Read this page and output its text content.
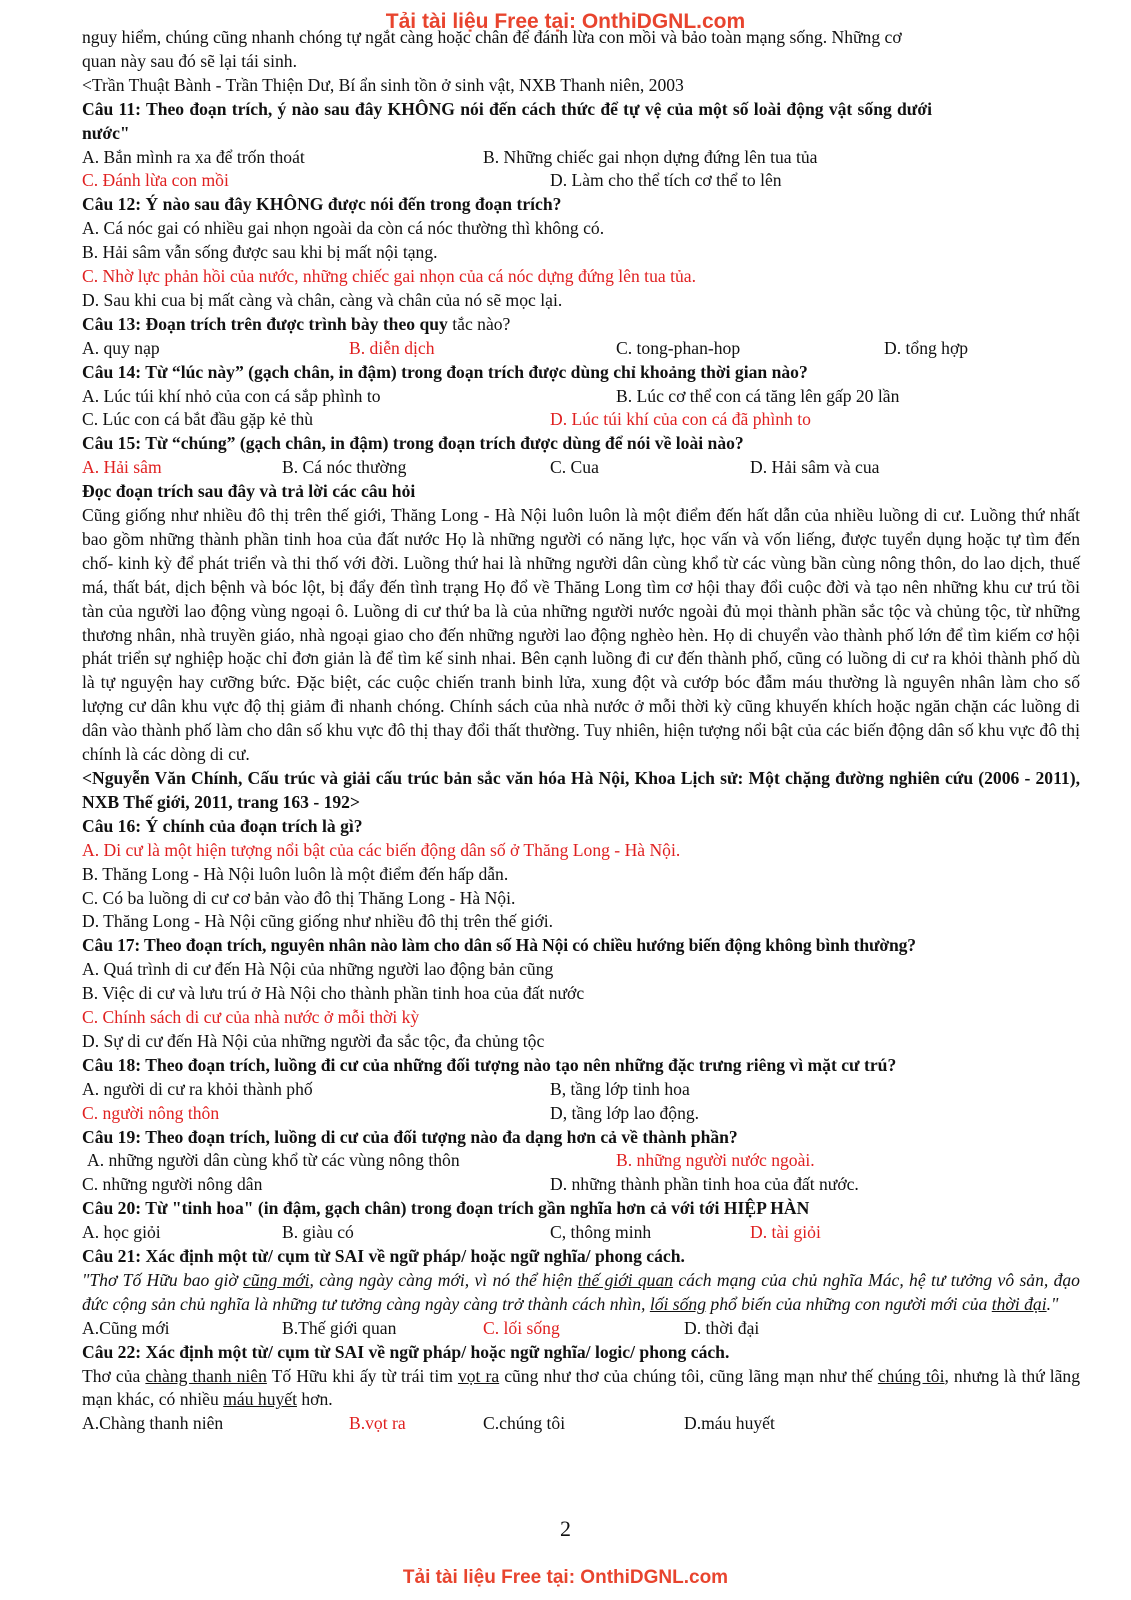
Tải tài liệu Free tại: OnthiDGNL.com
nguy hiểm, chúng cũng nhanh chóng tự ngắt càng hoặc chân để đánh lừa con mồi và bảo toàn mạng sống. Những cơ
quan này sau đó sẽ lại tái sinh.
<Trần Thuật Bành - Trần Thiện Dư, Bí ẩn sinh tồn ở sinh vật, NXB Thanh niên, 2003
Câu 11: Theo đoạn trích, ý nào sau đây KHÔNG nói đến cách thức để tự vệ của một số loài động vật sống dưới nước"
A. Bắn mình ra xa để trốn thoát	B. Những chiếc gai nhọn dựng đứng lên tua tủa
C. Đánh lừa con mồi	D. Làm cho thể tích cơ thể to lên
Câu 12: Ý nào sau đây KHÔNG được nói đến trong đoạn trích?
A. Cá nóc gai có nhiều gai nhọn ngoài da còn cá nóc thường thì không có.
B. Hải sâm vẫn sống được sau khi bị mất nội tạng.
C. Nhờ lực phản hồi của nước, những chiếc gai nhọn của cá nóc dựng đứng lên tua tủa.
D. Sau khi cua bị mất càng và chân, càng và chân của nó sẽ mọc lại.
Câu 13: Đoạn trích trên được trình bày theo quy tắc nào?
A. quy nạp	B. diễn dịch	C. tong-phan-hop	D. tổng hợp
Câu 14: Từ “lúc này” (gạch chân, in đậm) trong đoạn trích được dùng chỉ khoảng thời gian nào?
A. Lúc túi khí nhỏ của con cá sắp phình to	B. Lúc cơ thể con cá tăng lên gấp 20 lần
C. Lúc con cá bắt đầu gặp kẻ thù	D. Lúc túi khí của con cá đã phình to
Câu 15: Từ “chúng” (gạch chân, in đậm) trong đoạn trích được dùng để nói về loài nào?
A. Hải sâm	B. Cá nóc thường	C. Cua	D. Hải sâm và cua
Đọc đoạn trích sau đây và trả lời các câu hỏi
Cũng giống như nhiều đô thị trên thế giới, Thăng Long - Hà Nội luôn luôn là một điểm đến hất dẫn của nhiều luồng di cư. Luồng thứ nhất bao gồm những thành phần tinh hoa của đất nước Họ là những người có năng lực, học vấn và vốn liếng, được tuyển dụng hoặc tự tìm đến chố- kinh kỳ để phát triển và thi thố với đời. Luồng thứ hai là những người dân cùng khổ từ các vùng bần cùng nông thôn, do lao dịch, thuế má, thất bát, dịch bệnh và bóc lột, bị đẩy đến tình trạng Họ đổ về Thăng Long tìm cơ hội thay đổi cuộc đời và tạo nên những khu cư trú tồi tàn của người lao động vùng ngoại ô. Luồng di cư thứ ba là của những người nước ngoài đủ mọi thành phần sắc tộc và chủng tộc, từ những thương nhân, nhà truyền giáo, nhà ngoại giao cho đến những người lao động nghèo hèn. Họ di chuyển vào thành phố lớn để tìm kiếm cơ hội phát triển sự nghiệp hoặc chỉ đơn giản là để tìm kế sinh nhai. Bên cạnh luồng đi cư đến thành phố, cũng có luồng di cư ra khỏi thành phố dù là tự nguyện hay cưỡng bức. Đặc biệt, các cuộc chiến tranh binh lửa, xung đột và cướp bóc đẫm máu thường là nguyên nhân làm cho số lượng cư dân khu vực độ thị giảm đi nhanh chóng. Chính sách của nhà nước ở mỗi thời kỳ cũng khuyến khích hoặc ngăn chặn các luồng di dân vào thành phố làm cho dân số khu vực đô thị thay đổi thất thường. Tuy nhiên, hiện tượng nổi bật của các biến động dân số khu vực đô thị chính là các dòng di cư.
<Nguyễn Văn Chính, Cấu trúc và giải cấu trúc bản sắc văn hóa Hà Nội, Khoa Lịch sử: Một chặng đường nghiên cứu (2006 - 2011), NXB Thế giới, 2011, trang 163 - 192>
Câu 16: Ý chính của đoạn trích là gì?
A. Di cư là một hiện tượng nổi bật của các biến động dân số ở Thăng Long - Hà Nội.
B. Thăng Long - Hà Nội luôn luôn là một điểm đến hấp dẫn.
C. Có ba luồng di cư cơ bản vào đô thị Thăng Long - Hà Nội.
D. Thăng Long - Hà Nội cũng giống như nhiều đô thị trên thế giới.
Câu 17: Theo đoạn trích, nguyên nhân nào làm cho dân số Hà Nội có chiều hướng biến động không bình thường?
A. Quá trình di cư đến Hà Nội của những người lao động bản cũng
B. Việc di cư và lưu trú ở Hà Nội cho thành phần tinh hoa của đất nước
C. Chính sách di cư của nhà nước ở mỗi thời kỳ
D. Sự di cư đến Hà Nội của những người đa sắc tộc, đa chủng tộc
Câu 18: Theo đoạn trích, luồng đi cư của những đối tượng nào tạo nên những đặc trưng riêng vì mặt cư trú?
A. người di cư ra khỏi thành phố	B, tầng lớp tinh hoa
C. người nông thôn	D, tầng lớp lao động.
Câu 19: Theo đoạn trích, luồng di cư của đối tượng nào đa dạng hơn cả về thành phần?
A. những người dân cùng khổ từ các vùng nông thôn	B. những người nước ngoài.
C. những người nông dân	D. những thành phần tinh hoa của đất nước.
Câu 20: Từ "tinh hoa" (in đậm, gạch chân) trong đoạn trích gần nghĩa hơn cả với tới HIỆP HÀN
A. học giỏi	B. giàu có	C, thông minh	D. tài giỏi
Câu 21: Xác định một từ/ cụm từ SAI về ngữ pháp/ hoặc ngữ nghĩa/ phong cách.
"Thơ Tố Hữu bao giờ cũng mới, càng ngày càng mới, vì nó thể hiện thế giới quan cách mạng của chủ nghĩa Mác, hệ tư tưởng vô sản, đạo đức cộng sản chủ nghĩa là những tư tưởng càng ngày càng trở thành cách nhìn, lối sống phổ biến của những con người mới của thời đại."
A.Cũng mới	B.Thế giới quan	C. lối sống	D. thời đại
Câu 22: Xác định một từ/ cụm từ SAI về ngữ pháp/ hoặc ngữ nghĩa/ logic/ phong cách.
Thơ của chàng thanh niên Tố Hữu khi ấy từ trái tim vọt ra cũng như thơ của chúng tôi, cũng lãng mạn như thế chúng tôi, nhưng là thứ lãng mạn khác, có nhiều máu huyết hơn.
A.Chàng thanh niên	B.vọt ra	C.chúng tôi	D.máu huyết
2
Tải tài liệu Free tại: OnthiDGNL.com
